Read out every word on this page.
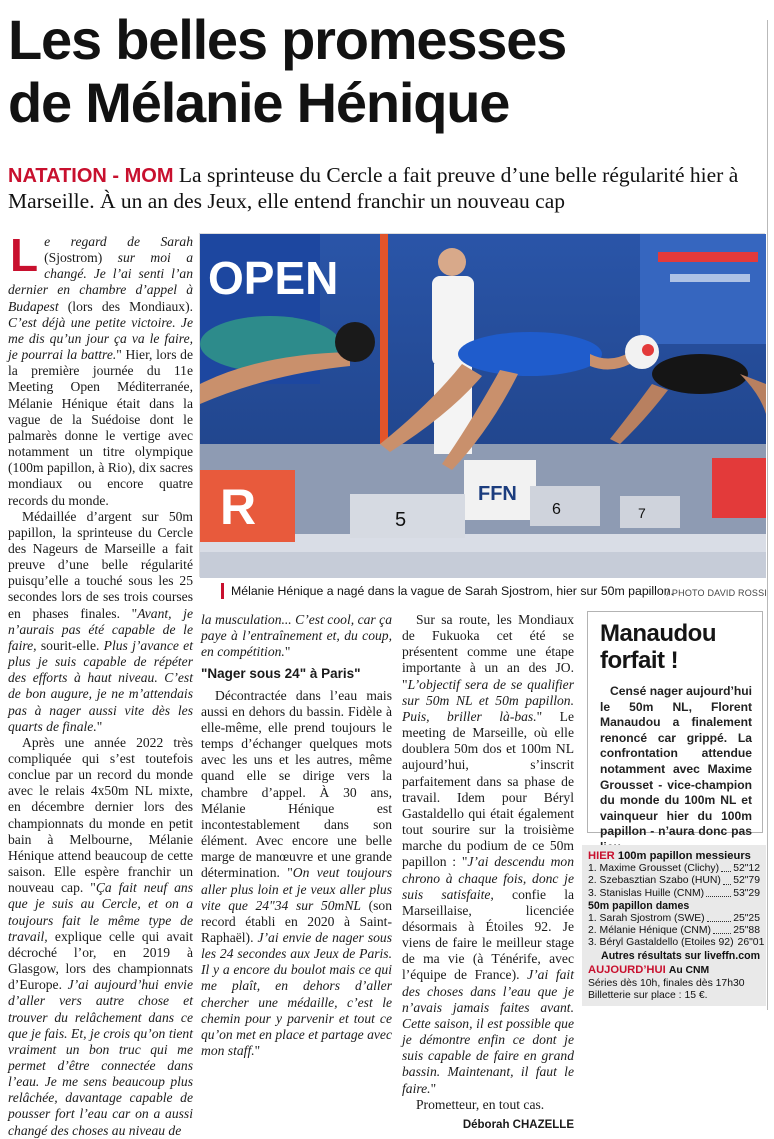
Les belles promesses
de Mélanie Hénique
NATATION - MOM La sprinteuse du Cercle a fait preuve d’une belle régularité hier à Marseille. À un an des Jeux, elle entend franchir un nouveau cap

Le regard de Sarah (Sjostrom) sur moi a changé. Je l’ai senti l’an dernier en chambre d’appel à Budapest (lors des Mondiaux). C’est déjà une petite victoire. Je me dis qu’un jour ça va le faire, je pourrai la battre." Hier, lors de la première journée du 11e Meeting Open Méditerranée, Mélanie Hénique était dans la vague de la Suédoise dont le palmarès donne le vertige avec notamment un titre olympique (100m papillon, à Rio), dix sacres mondiaux ou encore quatre records du monde.

Médaillée d’argent sur 50m papillon, la sprinteuse du Cercle des Nageurs de Marseille a fait preuve d’une belle régularité puisqu’elle a touché sous les 25 secondes lors de ses trois courses en phases finales. "Avant, je n’aurais pas été capable de le faire, sourit-elle. Plus j’avance et plus je suis capable de répéter des efforts à haut niveau. C’est de bon augure, je ne m’attendais pas à nager aussi vite dès les quarts de finale."

Après une année 2022 très compliquée qui s’est toutefois conclue par un record du monde avec le relais 4x50m NL mixte, en décembre dernier lors des championnats du monde en petit bain à Melbourne, Mélanie Hénique attend beaucoup de cette saison. Elle espère franchir un nouveau cap. "Ça fait neuf ans que je suis au Cercle, et on a toujours fait le même type de travail, explique celle qui avait décroché l’or, en 2019 à Glasgow, lors des championnats d’Europe. J’ai aujourd’hui envie d’aller vers autre chose et trouver du relâchement dans ce que je fais. Et, je crois qu’on tient vraiment un bon truc qui me permet d’être connectée dans l’eau. Je me sens beaucoup plus relâchée, davantage capable de pousser fort l’eau car on a aussi changé des choses au niveau de

OPEN
R	FFN
5	6	7
Mélanie Hénique a nagé dans la vague de Sarah Sjostrom, hier sur 50m papillon.
/ PHOTO DAVID ROSSI

la musculation... C’est cool, car ça paye à l’entraînement et, du coup, en compétition."

"Nager sous 24" à Paris"

Décontractée dans l’eau mais aussi en dehors du bassin. Fidèle à elle-même, elle prend toujours le temps d’échanger quelques mots avec les uns et les autres, même quand elle se dirige vers la chambre d’appel. À 30 ans, Mélanie Hénique est incontestablement dans son élément. Avec encore une belle marge de manœuvre et une grande détermination. "On veut toujours aller plus loin et je veux aller plus vite que 24"34 sur 50mNL (son record établi en 2020 à Saint-Raphaël). J’ai envie de nager sous les 24 secondes aux Jeux de Paris. Il y a encore du boulot mais ce qui me plaît, en dehors d’aller chercher une médaille, c’est le chemin pour y parvenir et tout ce qu’on met en place et partage avec mon staff."

Sur sa route, les Mondiaux de Fukuoka cet été se présentent comme une étape importante à un an des JO. "L’objectif sera de se qualifier sur 50m NL et 50m papillon. Puis, briller là-bas." Le meeting de Marseille, où elle doublera 50m dos et 100m NL aujourd’hui, s’inscrit parfaitement dans sa phase de travail. Idem pour Béryl Gastaldello qui était également tout sourire sur la troisième marche du podium de ce 50m papillon : "J’ai descendu mon chrono à chaque fois, donc je suis satisfaite, confie la Marseillaise, licenciée désormais à Étoiles 92. Je viens de faire le meilleur stage de ma vie (à Ténérife, avec l’équipe de France). J’ai fait des choses dans l’eau que je n’avais jamais faites avant. Cette saison, il est possible que je démontre enfin ce dont je suis capable de faire en grand bassin. Maintenant, il faut le faire."

Prometteur, en tout cas.

Déborah CHAZELLE
Manaudou
forfait !
Censé nager aujourd’hui le 50m NL, Florent Manaudou a finalement renoncé car grippé. La confrontation attendue notamment avec Maxime Grousset - vice-champion du monde du 100m NL et vainqueur hier du 100m papillon - n’aura donc pas
HIER 100m papillon messieurs
1. Maxime Grousset (Clichy) 52"12
2. Szebasztian Szabo (HUN) 52"79
3. Stanislas Huille (CNM)	53"29
50m papillon dames
1. Sarah Sjostrom (SWE)	25"25
2. Mélanie Hénique (CNM) 25"88
3. Béryl Gastaldello (Etoiles 92) 26"01
Autres résultats sur liveffn.com
AUJOURD’HUI Au CNM
Séries dès 10h, finales dès 17h30
Billetterie sur place : 15 €.
